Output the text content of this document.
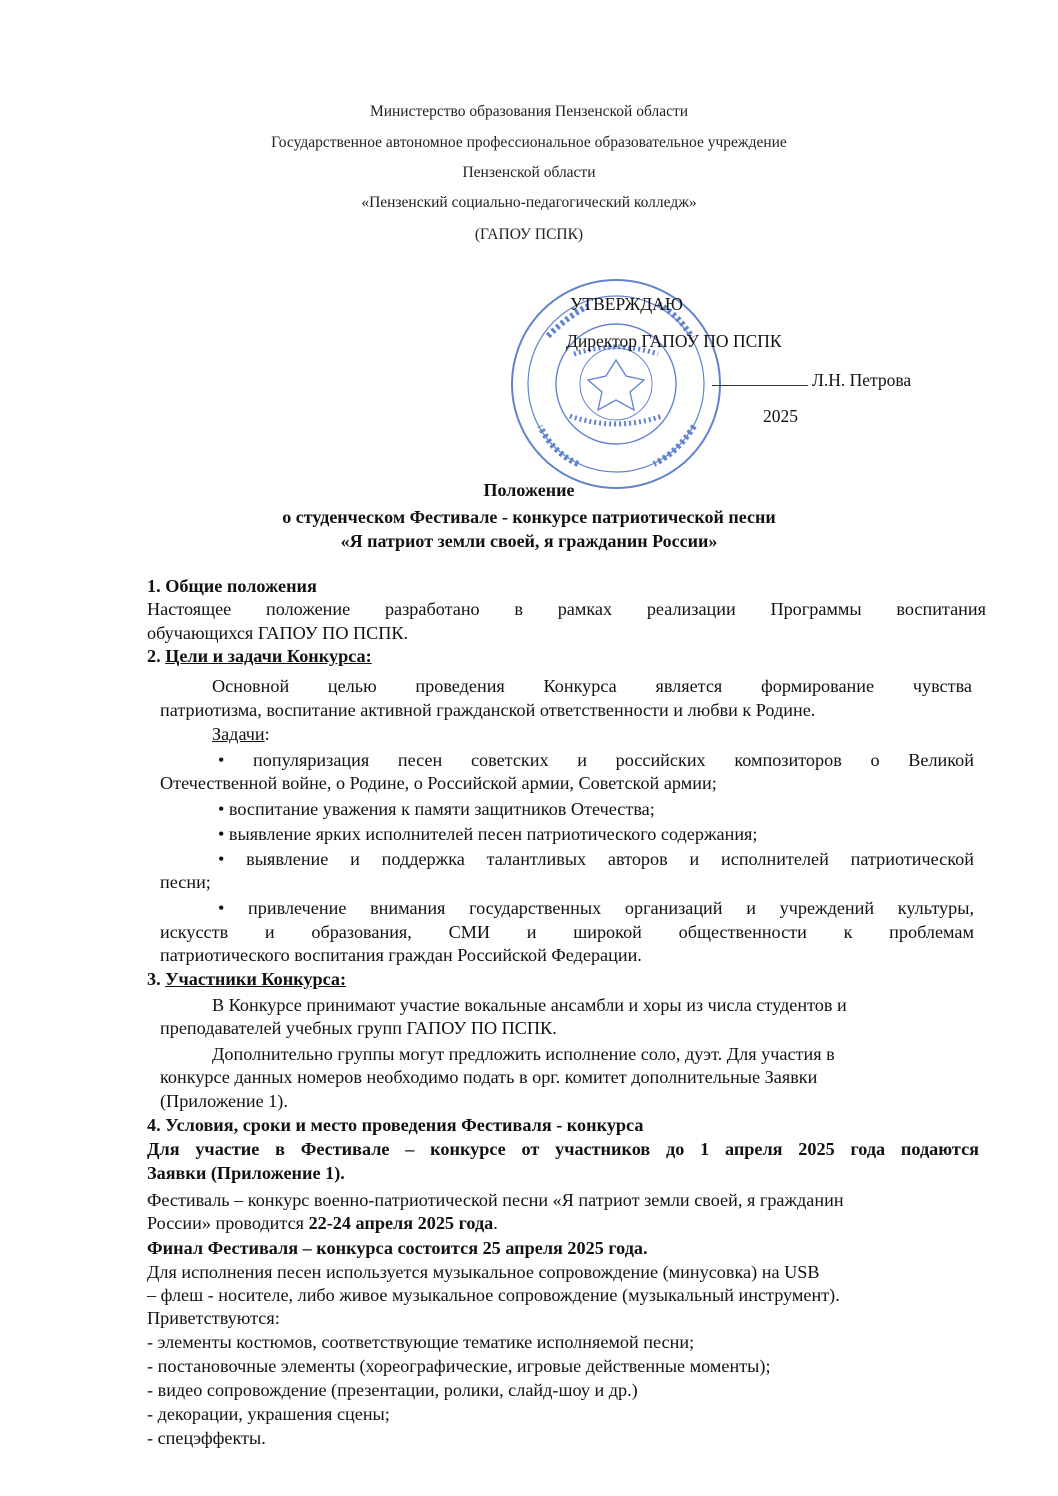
Министерство образования Пензенской области
Государственное автономное профессиональное образовательное учреждение
Пензенской области
«Пензенский социально-педагогический колледж»
(ГАПОУ ПСПК)
УТВЕРЖДАЮ
Директор ГАПОУ ПО ПСПК
Л.Н. Петрова
2025
Положение
о студенческом Фестивале - конкурсе патриотической песни
«Я патриот земли своей, я гражданин России»
1. Общие положения
Настоящее положение разработано в рамках реализации Программы воспитания
обучающихся ГАПОУ ПО ПСПК.
2. Цели и задачи Конкурса:
Основной целью проведения Конкурса является формирование чувства
патриотизма, воспитание активной гражданской ответственности и любви к Родине.
Задачи:
• популяризация песен советских и российских композиторов о Великой
Отечественной войне, о Родине, о Российской армии, Советской армии;
• воспитание уважения к памяти защитников Отечества;
• выявление ярких исполнителей песен патриотического содержания;
• выявление и поддержка талантливых авторов и исполнителей патриотической
песни;
• привлечение внимания государственных организаций и учреждений культуры,
искусств и образования, СМИ и широкой общественности к проблемам
патриотического воспитания граждан Российской Федерации.
3. Участники Конкурса:
В Конкурсе принимают участие вокальные ансамбли и хоры из числа студентов и
преподавателей учебных групп ГАПОУ ПО ПСПК.
Дополнительно группы могут предложить исполнение соло, дуэт. Для участия в
конкурсе данных номеров необходимо подать в орг. комитет дополнительные Заявки
(Приложение 1).
4. Условия, сроки и место проведения Фестиваля - конкурса
Для участие в Фестивале – конкурсе от участников до 1 апреля 2025 года подаются
Заявки (Приложение 1).
Фестиваль – конкурс военно-патриотической песни «Я патриот земли своей, я гражданин
России» проводится 22-24 апреля 2025 года.
Финал Фестиваля – конкурса состоится 25 апреля 2025 года.
Для исполнения песен используется музыкальное сопровождение (минусовка) на USB
– флеш - носителе, либо живое музыкальное сопровождение (музыкальный инструмент).
Приветствуются:
- элементы костюмов, соответствующие тематике исполняемой песни;
- постановочные элементы (хореографические, игровые действенные моменты);
- видео сопровождение (презентации, ролики, слайд-шоу и др.)
- декорации, украшения сцены;
- спецэффекты.
